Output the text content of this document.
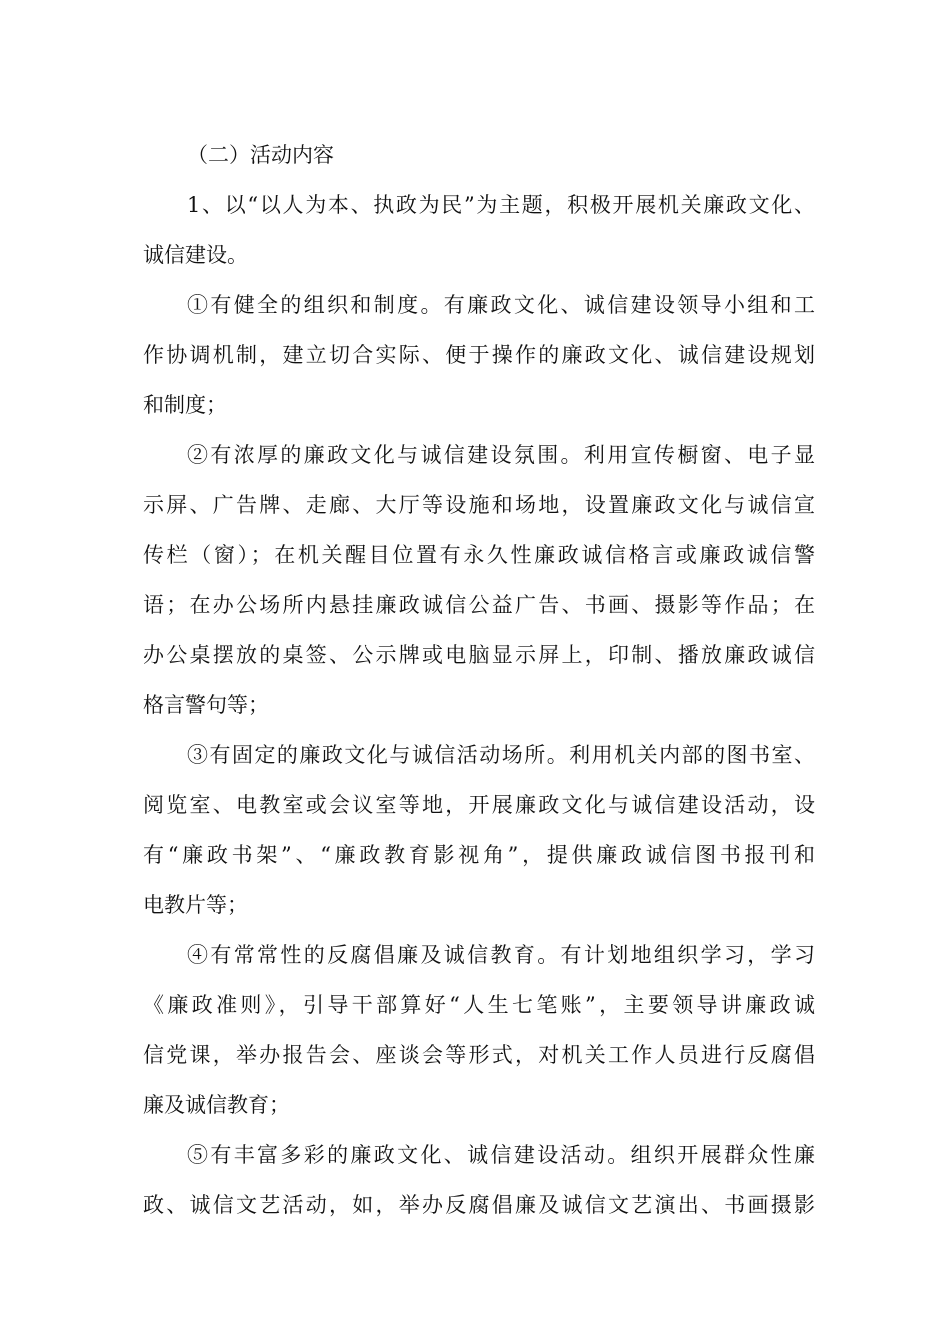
（二）活动内容
1、以“以人为本、执政为民”为主题，积极开展机关廉政文化、
诚信建设。
①有健全的组织和制度。有廉政文化、诚信建设领导小组和工
作协调机制，建立切合实际、便于操作的廉政文化、诚信建设规划
和制度；
②有浓厚的廉政文化与诚信建设氛围。利用宣传橱窗、电子显
示屏、广告牌、走廊、大厅等设施和场地，设置廉政文化与诚信宣
传栏（窗）；在机关醒目位置有永久性廉政诚信格言或廉政诚信警
语；在办公场所内悬挂廉政诚信公益广告、书画、摄影等作品；在
办公桌摆放的桌签、公示牌或电脑显示屏上，印制、播放廉政诚信
格言警句等；
③有固定的廉政文化与诚信活动场所。利用机关内部的图书室、
阅览室、电教室或会议室等地，开展廉政文化与诚信建设活动，设
有“廉政书架”、“廉政教育影视角”，提供廉政诚信图书报刊和
电教片等；
④有常常性的反腐倡廉及诚信教育。有计划地组织学习，学习
《廉政准则》，引导干部算好“人生七笔账”，主要领导讲廉政诚
信党课，举办报告会、座谈会等形式，对机关工作人员进行反腐倡
廉及诚信教育；
⑤有丰富多彩的廉政文化、诚信建设活动。组织开展群众性廉
政、诚信文艺活动，如，举办反腐倡廉及诚信文艺演出、书画摄影
